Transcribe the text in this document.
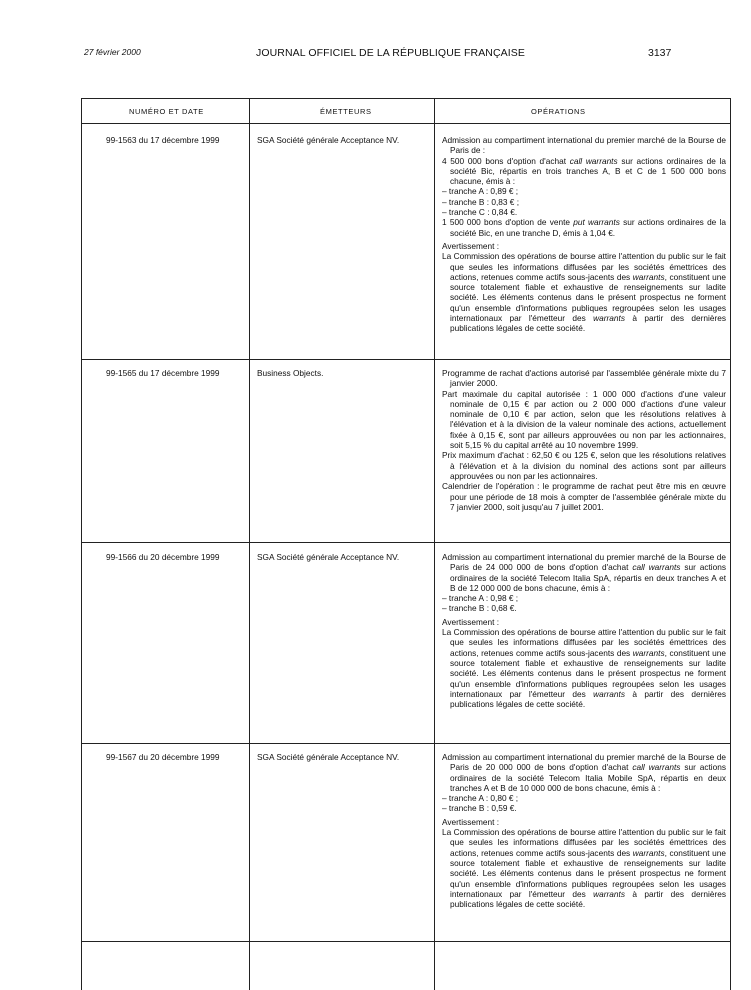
27 février 2000	JOURNAL OFFICIEL DE LA RÉPUBLIQUE FRANÇAISE	3137
NUMÉRO ET DATE	ÉMETTEURS	OPÉRATIONS
99-1563 du 17 décembre 1999	SGA Société générale Acceptance NV.	Admission au compartiment international du premier marché de la Bourse de Paris de :

4 500 000 bons d'option d'achat call warrants sur actions ordinaires de la société Bic, répartis en trois tranches A, B et C de 1 500 000 bons chacune, émis à :

– tranche A : 0,89 € ;

– tranche B : 0,83 € ;

– tranche C : 0,84 €.

1 500 000 bons d'option de vente put warrants sur actions ordinaires de la société Bic, en une tranche D, émis à 1,04 €.

Avertissement :

La Commission des opérations de bourse attire l'attention du public sur le fait que seules les informations diffusées par les sociétés émettrices des actions, retenues comme actifs sous-jacents des warrants, constituent une source totalement fiable et exhaustive de renseignements sur ladite société. Les éléments contenus dans le présent prospectus ne forment qu'un ensemble d'informations publiques regroupées selon les usages internationaux par l'émetteur des warrants à partir des dernières publications légales de cette société.

99-1565 du 17 décembre 1999	Business Objects.	Programme de rachat d'actions autorisé par l'assemblée générale mixte du 7 janvier 2000.

Part maximale du capital autorisée : 1 000 000 d'actions d'une valeur nominale de 0,15 € par action ou 2 000 000 d'actions d'une valeur nominale de 0,10 € par action, selon que les résolutions relatives à l'élévation et à la division de la valeur nominale des actions, actuellement fixée à 0,15 €, sont par ailleurs approuvées ou non par les actionnaires, soit 5,15 % du capital arrêté au 10 novembre 1999.

Prix maximum d'achat : 62,50 € ou 125 €, selon que les résolutions relatives à l'élévation et à la division du nominal des actions sont par ailleurs approuvées ou non par les actionnaires.

Calendrier de l'opération : le programme de rachat peut être mis en œuvre pour une période de 18 mois à compter de l'assemblée générale mixte du 7 janvier 2000, soit jusqu'au 7 juillet 2001.

99-1566 du 20 décembre 1999	SGA Société générale Acceptance NV.	Admission au compartiment international du premier marché de la Bourse de Paris de 24 000 000 de bons d'option d'achat call warrants sur actions ordinaires de la société Telecom Italia SpA, répartis en deux tranches A et B de 12 000 000 de bons chacune, émis à :

– tranche A : 0,98 € ;

– tranche B : 0,68 €.

Avertissement :

La Commission des opérations de bourse attire l'attention du public sur le fait que seules les informations diffusées par les sociétés émettrices des actions, retenues comme actifs sous-jacents des warrants, constituent une source totalement fiable et exhaustive de renseignements sur ladite société. Les éléments contenus dans le présent prospectus ne forment qu'un ensemble d'informations publiques regroupées selon les usages internationaux par l'émetteur des warrants à partir des dernières publications légales de cette société.

99-1567 du 20 décembre 1999	SGA Société générale Acceptance NV.	Admission au compartiment international du premier marché de la Bourse de Paris de 20 000 000 de bons d'option d'achat call warrants sur actions ordinaires de la société Telecom Italia Mobile SpA, répartis en deux tranches A et B de 10 000 000 de bons chacune, émis à :

– tranche A : 0,80 € ;

– tranche B : 0,59 €.

Avertissement :

La Commission des opérations de bourse attire l'attention du public sur le fait que seules les informations diffusées par les sociétés émettrices des actions, retenues comme actifs sous-jacents des warrants, constituent une source totalement fiable et exhaustive de renseignements sur ladite société. Les éléments contenus dans le présent prospectus ne forment qu'un ensemble d'informations publiques regroupées selon les usages internationaux par l'émetteur des warrants à partir des dernières publications légales de cette société.
